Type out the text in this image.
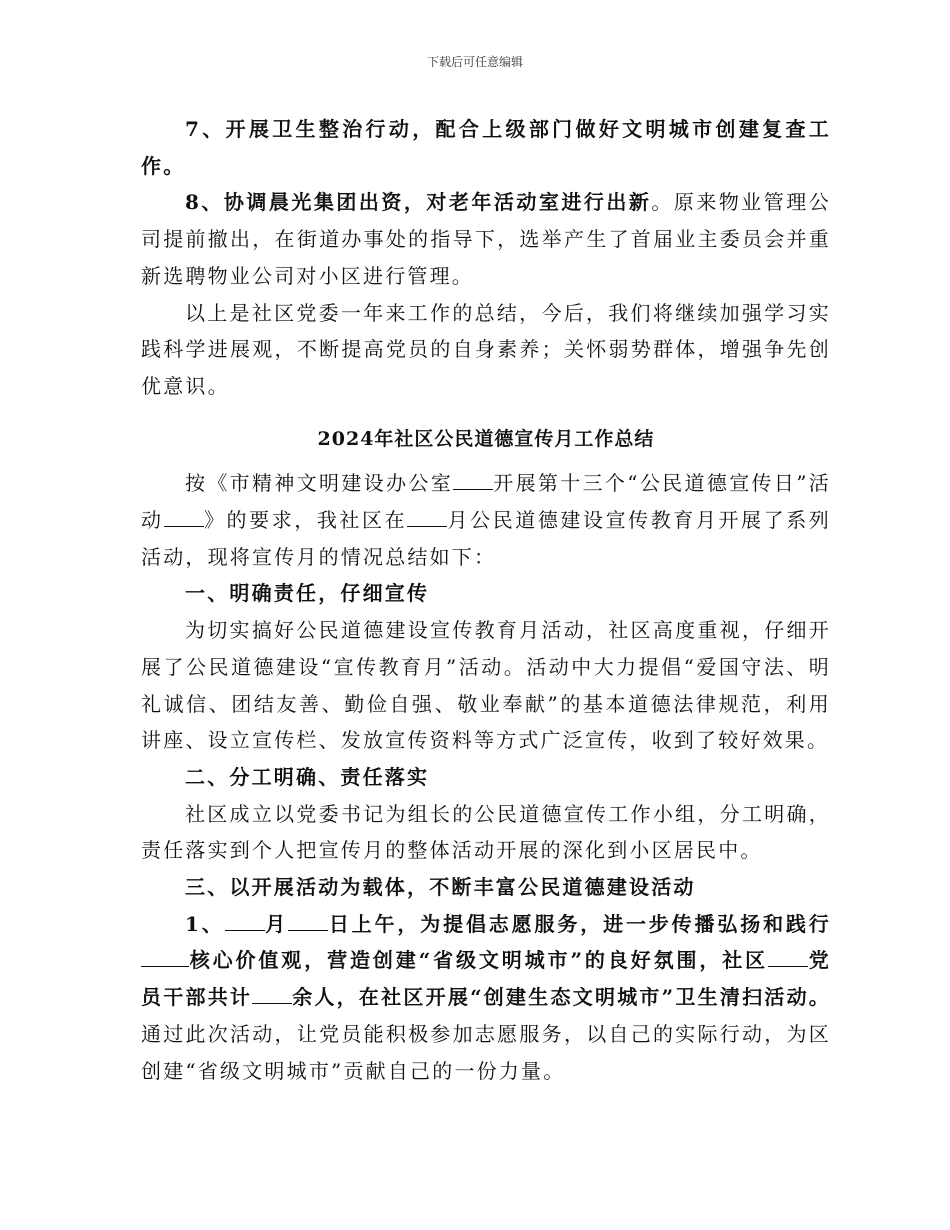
下载后可任意编辑

7、开展卫生整治行动，配合上级部门做好文明城市创建复查工作。

8、协调晨光集团出资，对老年活动室进行出新。原来物业管理公司提前撤出，在街道办事处的指导下，选举产生了首届业主委员会并重新选聘物业公司对小区进行管理。

以上是社区党委一年来工作的总结，今后，我们将继续加强学习实践科学进展观，不断提高党员的自身素养；关怀弱势群体，增强争先创优意识。

2024年社区公民道德宣传月工作总结

按《市精神文明建设办公室 开展第十三个“公民道德宣传日”活动 》的要求，我社区在 月公民道德建设宣传教育月开展了系列活动，现将宣传月的情况总结如下：

一、明确责任，仔细宣传

为切实搞好公民道德建设宣传教育月活动，社区高度重视，仔细开展了公民道德建设“宣传教育月”活动。活动中大力提倡“爱国守法、明礼诚信、团结友善、勤俭自强、敬业奉献”的基本道德法律规范，利用讲座、设立宣传栏、发放宣传资料等方式广泛宣传，收到了较好效果。

二、分工明确、责任落实

社区成立以党委书记为组长的公民道德宣传工作小组，分工明确，责任落实到个人把宣传月的整体活动开展的深化到小区居民中。

三、以开展活动为载体，不断丰富公民道德建设活动

1、 月 日上午，为提倡志愿服务，进一步传播弘扬和践行核心价值观，营造创建“省级文明城市”的良好氛围，社区 党员干部共计 余人，在社区开展“创建生态文明城市”卫生清扫活动。通过此次活动，让党员能积极参加志愿服务，以自己的实际行动，为区创建“省级文明城市”贡献自己的一份力量。
